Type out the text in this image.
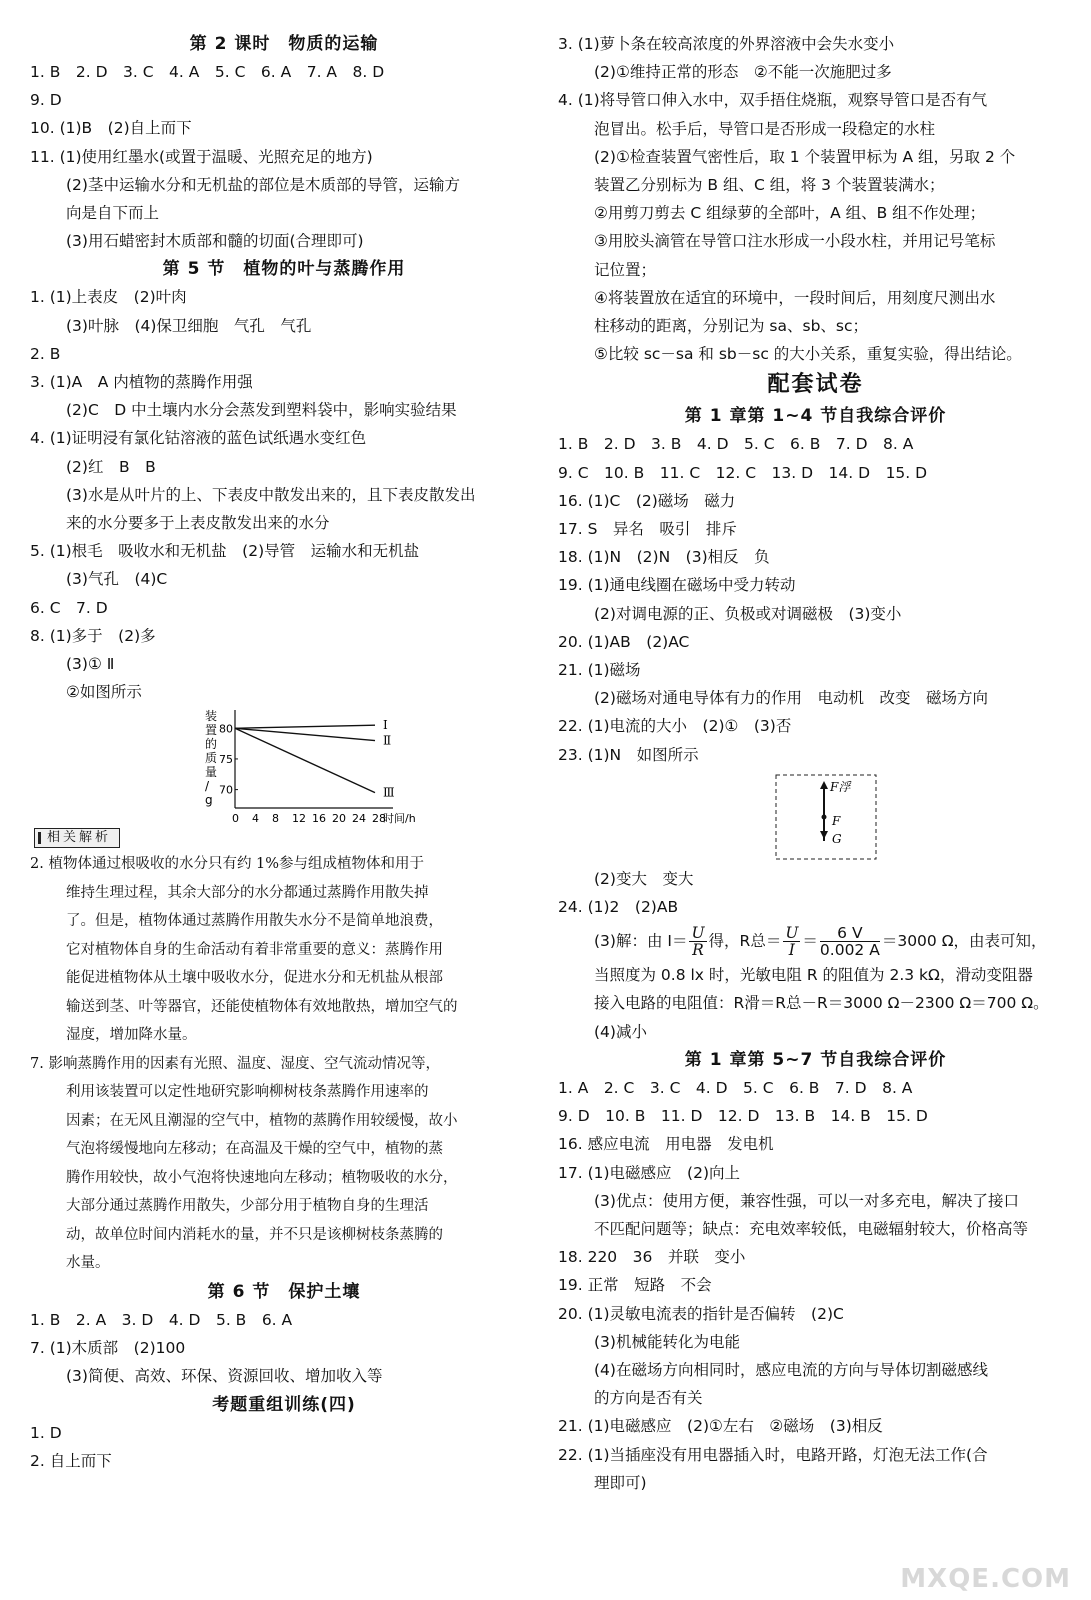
第 2 课时　物质的运输
1. B　2. D　3. C　4. A　5. C　6. A　7. A　8. D
9. D
10. (1)B　(2)自上而下
11. (1)使用红墨水(或置于温暖、光照充足的地方)
(2)茎中运输水分和无机盐的部位是木质部的导管，运输方
向是自下而上
(3)用石蜡密封木质部和髓的切面(合理即可)
第 5 节　植物的叶与蒸腾作用
1. (1)上表皮　(2)叶肉
(3)叶脉　(4)保卫细胞　气孔　气孔
2. B
3. (1)A　A 内植物的蒸腾作用强
(2)C　D 中土壤内水分会蒸发到塑料袋中，影响实验结果
4. (1)证明浸有氯化钴溶液的蓝色试纸遇水变红色
(2)红　B　B
(3)水是从叶片的上、下表皮中散发出来的，且下表皮散发出
来的水分要多于上表皮散发出来的水分
5. (1)根毛　吸收水和无机盐　(2)导管　运输水和无机盐
(3)气孔　(4)C
6. C　7. D
8. (1)多于　(2)多
(3)① Ⅱ
②如图所示
装
置
的
质
量
/
g
70
75
80
0 4 8 12 16 20 24 28
时间/h
Ⅰ
Ⅱ
Ⅲ
相关解析
2. 植物体通过根吸收的水分只有约 1%参与组成植物体和用于
维持生理过程，其余大部分的水分都通过蒸腾作用散失掉
了。但是，植物体通过蒸腾作用散失水分不是简单地浪费，
它对植物体自身的生命活动有着非常重要的意义：蒸腾作用
能促进植物体从土壤中吸收水分，促进水分和无机盐从根部
输送到茎、叶等器官，还能使植物体有效地散热，增加空气的
湿度，增加降水量。
7. 影响蒸腾作用的因素有光照、温度、湿度、空气流动情况等，
利用该装置可以定性地研究影响柳树枝条蒸腾作用速率的
因素；在无风且潮湿的空气中，植物的蒸腾作用较缓慢，故小
气泡将缓慢地向左移动；在高温及干燥的空气中，植物的蒸
腾作用较快，故小气泡将快速地向左移动；植物吸收的水分，
大部分通过蒸腾作用散失，少部分用于植物自身的生理活
动，故单位时间内消耗水的量，并不只是该柳树枝条蒸腾的
水量。
第 6 节　保护土壤
1. B　2. A　3. D　4. D　5. B　6. A
7. (1)木质部　(2)100
(3)简便、高效、环保、资源回收、增加收入等
考题重组训练(四)
1. D
2. 自上而下
3. (1)萝卜条在较高浓度的外界溶液中会失水变小
(2)①维持正常的形态　②不能一次施肥过多
4. (1)将导管口伸入水中，双手捂住烧瓶，观察导管口是否有气
泡冒出。松手后，导管口是否形成一段稳定的水柱
(2)①检查装置气密性后，取 1 个装置甲标为 A 组，另取 2 个
装置乙分别标为 B 组、C 组，将 3 个装置装满水；
②用剪刀剪去 C 组绿萝的全部叶，A 组、B 组不作处理；
③用胶头滴管在导管口注水形成一小段水柱，并用记号笔标
记位置；
④将装置放在适宜的环境中，一段时间后，用刻度尺测出水
柱移动的距离，分别记为 sa、sb、sc；
⑤比较 sc－sa 和 sb－sc 的大小关系，重复实验，得出结论。
配套试卷
第 1 章第 1~4 节自我综合评价
1. B　2. D　3. B　4. D　5. C　6. B　7. D　8. A
9. C　10. B　11. C　12. C　13. D　14. D　15. D
16. (1)C　(2)磁场　磁力
17. S　异名　吸引　排斥
18. (1)N　(2)N　(3)相反　负
19. (1)通电线圈在磁场中受力转动
(2)对调电源的正、负极或对调磁极　(3)变小
20. (1)AB　(2)AC
21. (1)磁场
(2)磁场对通电导体有力的作用　电动机　改变　磁场方向
22. (1)电流的大小　(2)①　(3)否
23. (1)N　如图所示
F浮
F
G
(2)变大　变大
24. (1)2　(2)AB
(3)解：由 $I= \frac{U}{R}$ 得，R总＝ $\frac{U}{I} = \frac{6 V}{0.002 A} =3000$ Ω，由表可知，
当照度为 0.8 lx 时，光敏电阻 R 的阻值为 2.3 kΩ，滑动变阻器
接入电路的电阻值：R滑＝R总－R＝3000 Ω－2300 Ω＝700 Ω。
(4)减小
第 1 章第 5~7 节自我综合评价
1. A　2. C　3. C　4. D　5. C　6. B　7. D　8. A
9. D　10. B　11. D　12. D　13. B　14. B　15. D
16. 感应电流　用电器　发电机
17. (1)电磁感应　(2)向上
(3)优点：使用方便，兼容性强，可以一对多充电，解决了接口
不匹配问题等；缺点：充电效率较低，电磁辐射较大，价格高等
18. 220　36　并联　变小
19. 正常　短路　不会
20. (1)灵敏电流表的指针是否偏转　(2)C
(3)机械能转化为电能
(4)在磁场方向相同时，感应电流的方向与导体切割磁感线
的方向是否有关
21. (1)电磁感应　(2)①左右　②磁场　(3)相反
22. (1)当插座没有用电器插入时，电路开路，灯泡无法工作(合
理即可)
MXQE.COM
